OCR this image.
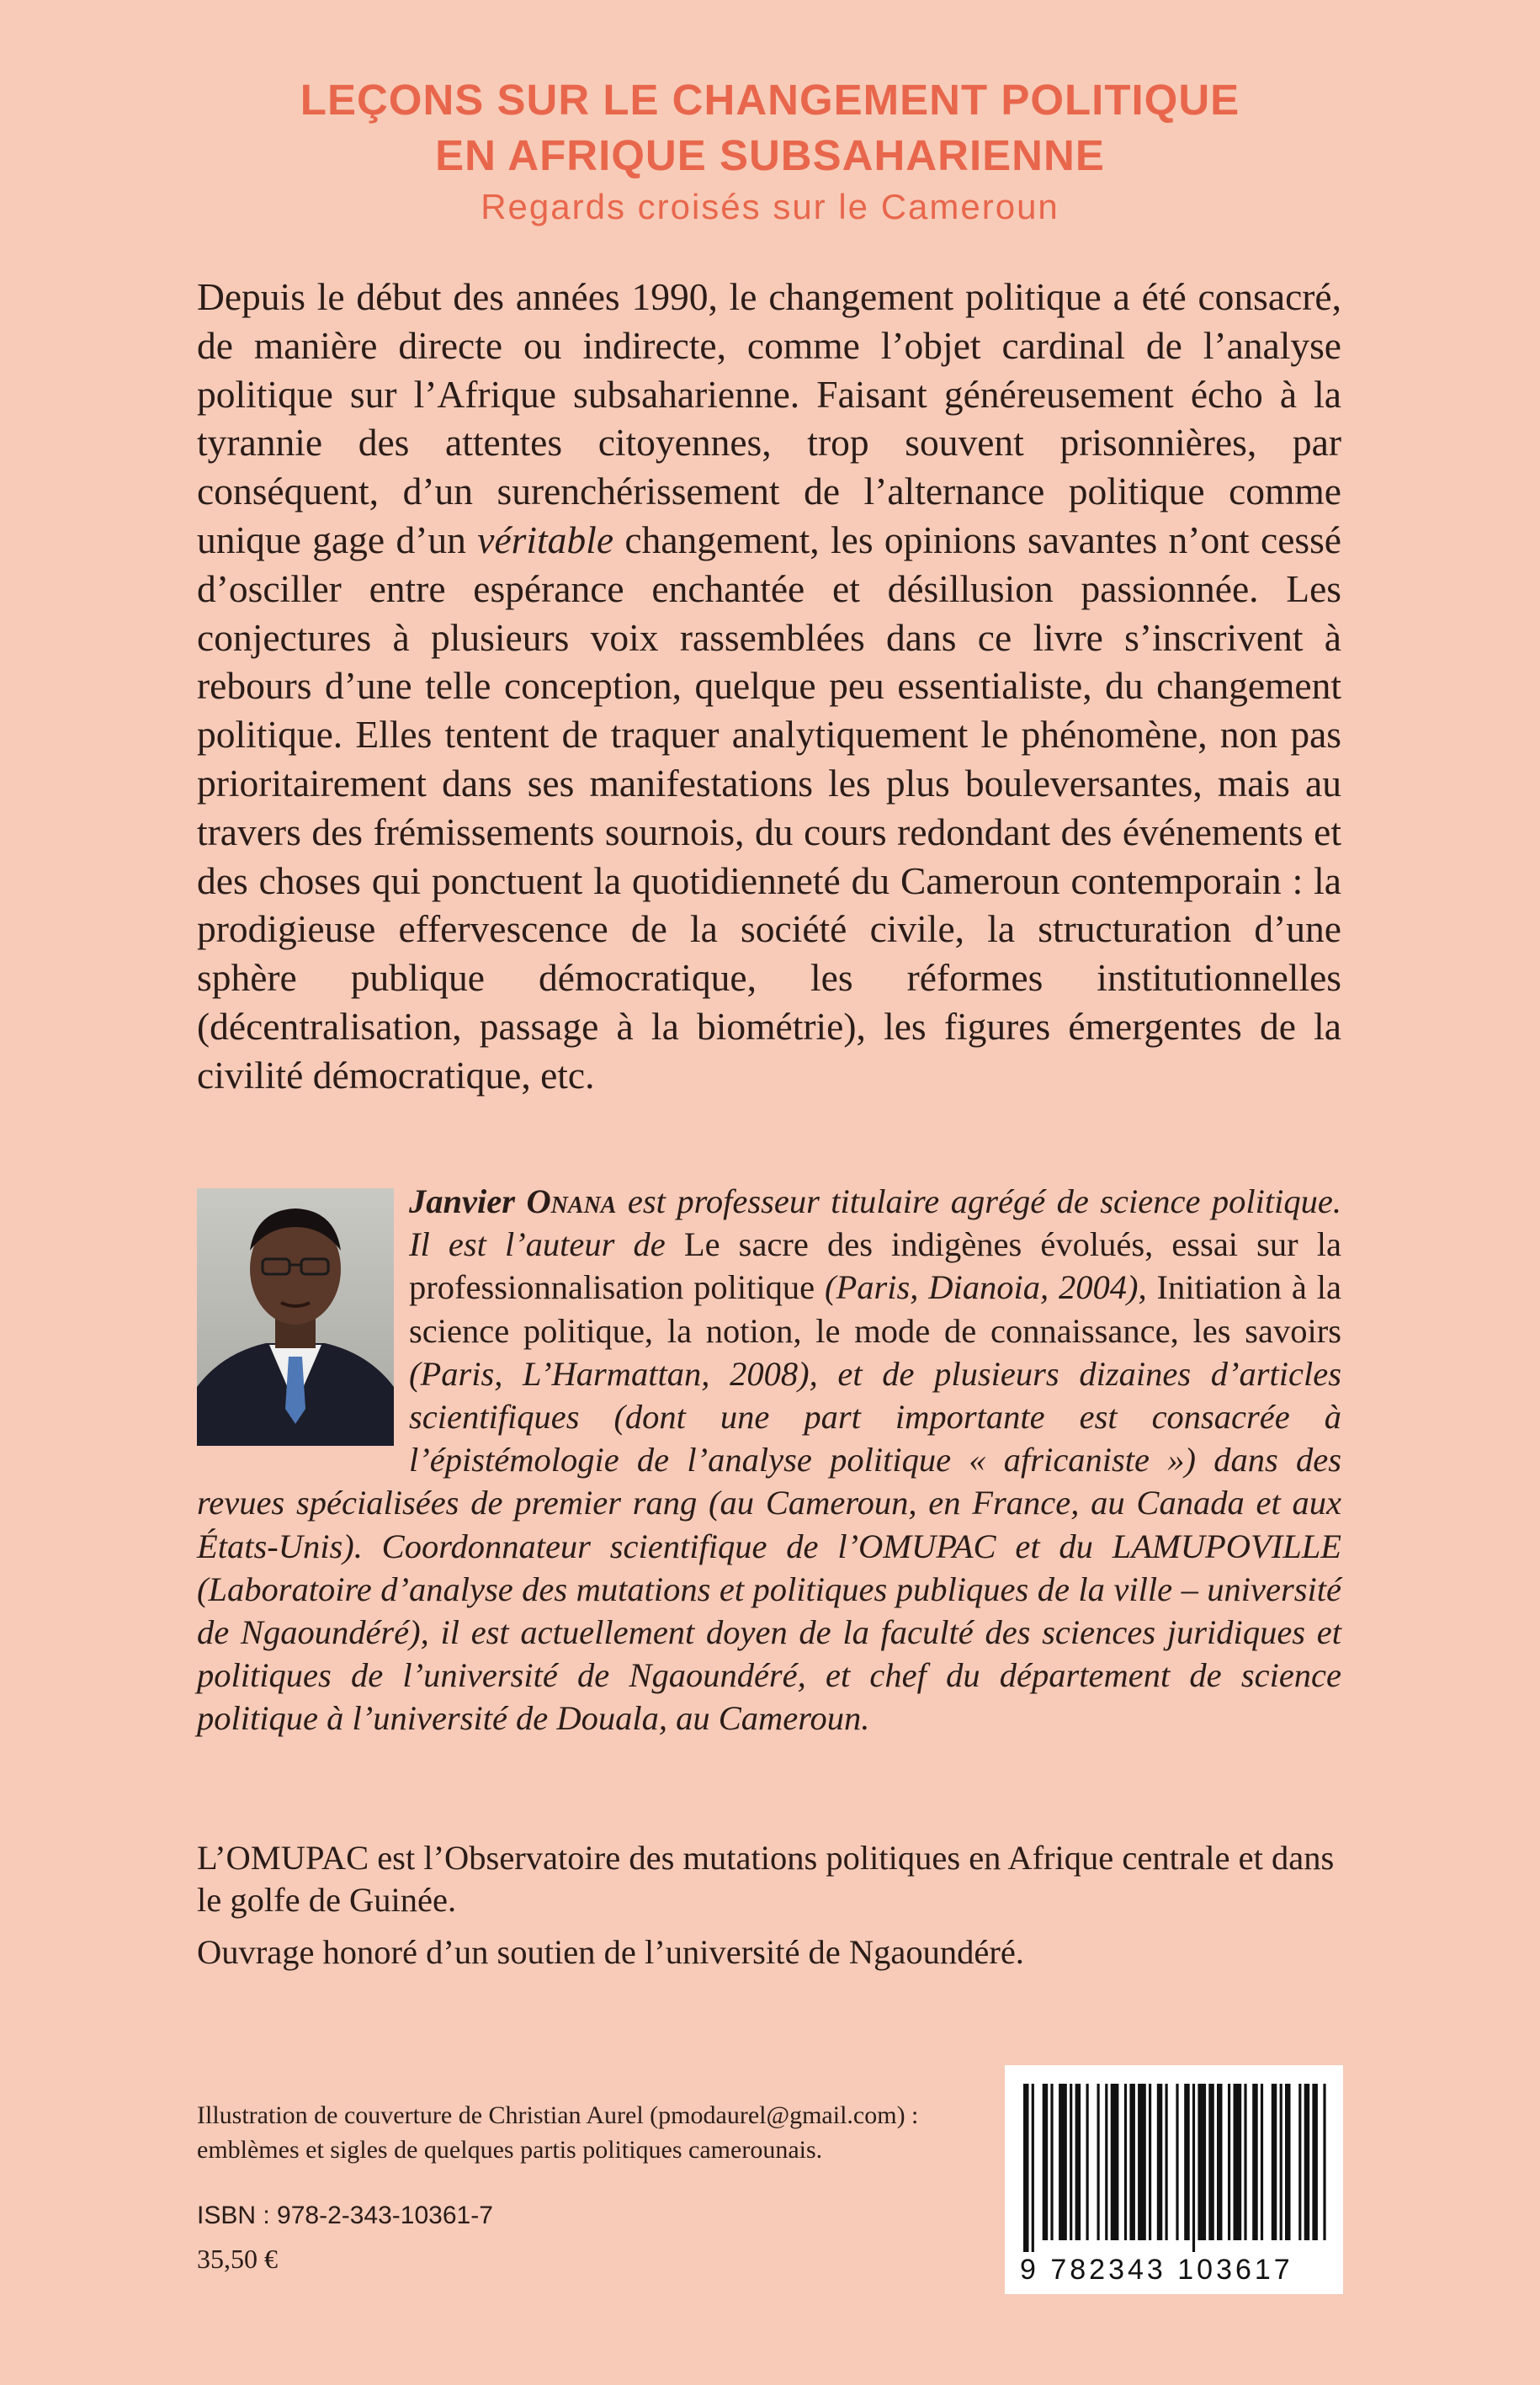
LEÇONS SUR LE CHANGEMENT POLITIQUE
EN AFRIQUE SUBSAHARIENNE
Regards croisés sur le Cameroun
Depuis le début des années 1990, le changement politique a été consacré, de manière directe ou indirecte, comme l’objet cardinal de l’analyse politique sur l’Afrique subsaharienne. Faisant généreusement écho à la tyrannie des attentes citoyennes, trop souvent prisonnières, par conséquent, d’un surenchérissement de l’alternance politique comme unique gage d’un véritable changement, les opinions savantes n’ont cessé d’osciller entre espérance enchantée et désillusion passionnée. Les conjectures à plusieurs voix rassemblées dans ce livre s’inscrivent à rebours d’une telle conception, quelque peu essentialiste, du changement politique. Elles tentent de traquer analytiquement le phénomène, non pas prioritairement dans ses manifestations les plus bouleversantes, mais au travers des frémissements sournois, du cours redondant des événements et des choses qui ponctuent la quotidienneté du Cameroun contemporain : la prodigieuse effervescence de la société civile, la structuration d’une sphère publique démocratique, les réformes institutionnelles (décentralisation, passage à la biométrie), les figures émergentes de la civilité démocratique, etc.
Janvier Onana est professeur titulaire agrégé de science politique. Il est l’auteur de Le sacre des indigènes évolués, essai sur la professionnalisation politique (Paris, Dianoia, 2004), Initiation à la science politique, la notion, le mode de connaissance, les savoirs (Paris, L’Harmattan, 2008), et de plusieurs dizaines d’articles scientifiques (dont une part importante est consacrée à l’épistémologie de l’analyse politique « africaniste ») dans des revues spécialisées de premier rang (au Cameroun, en France, au Canada et aux États-Unis). Coordonnateur scientifique de l’OMUPAC et du LAMUPOVILLE (Laboratoire d’analyse des mutations et politiques publiques de la ville – université de Ngaoundéré), il est actuellement doyen de la faculté des sciences juridiques et politiques de l’université de Ngaoundéré, et chef du département de science politique à l’université de Douala, au Cameroun.
L’OMUPAC est l’Observatoire des mutations politiques en Afrique centrale et dans le golfe de Guinée.
Ouvrage honoré d’un soutien de l’université de Ngaoundéré.
Illustration de couverture de Christian Aurel (pmodaurel@gmail.com) :
emblèmes et sigles de quelques partis politiques camerounais.
ISBN : 978-2-343-10361-7
35,50 €	9 782343 103617
